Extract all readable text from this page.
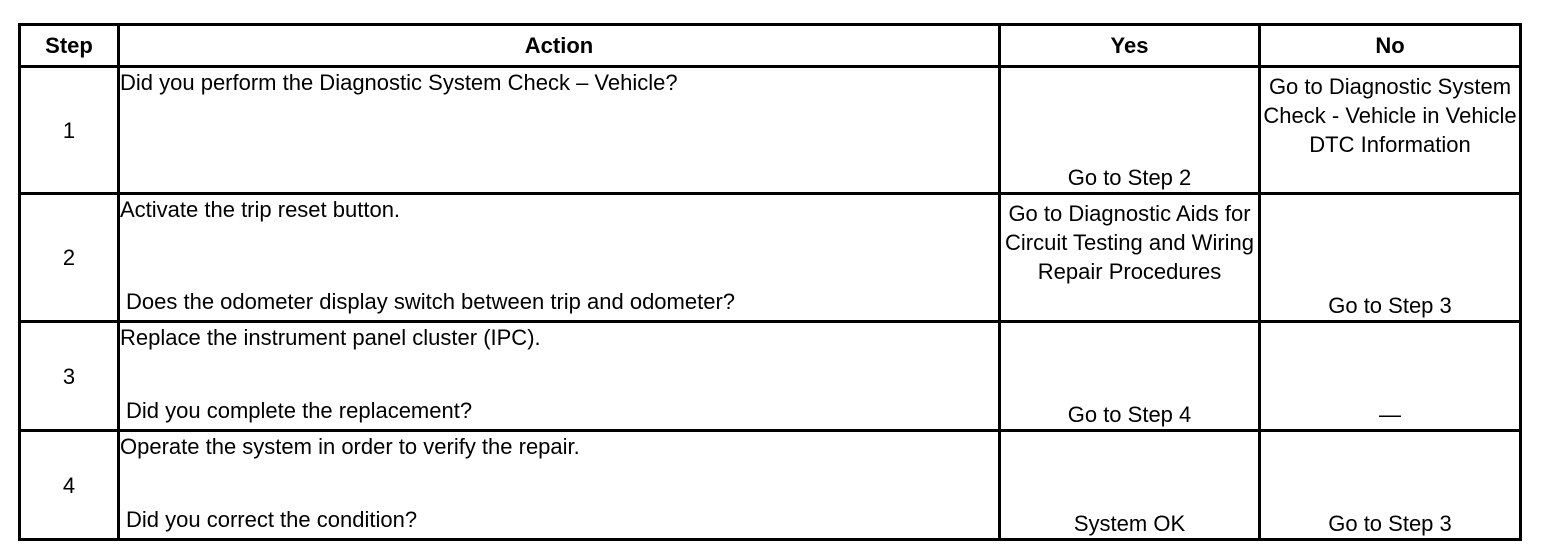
Step	Action	Yes	No
1	Did you perform the Diagnostic System Check – Vehicle?	Go to Step 2	Go to Diagnostic System Check - Vehicle in Vehicle DTC Information
2	Activate the trip reset button.
Does the odometer display switch between trip and odometer?	Go to Diagnostic Aids for Circuit Testing and Wiring Repair Procedures	Go to Step 3
3	Replace the instrument panel cluster (IPC).
Did you complete the replacement?	Go to Step 4	—
4	Operate the system in order to verify the repair.
Did you correct the condition?	System OK	Go to Step 3
